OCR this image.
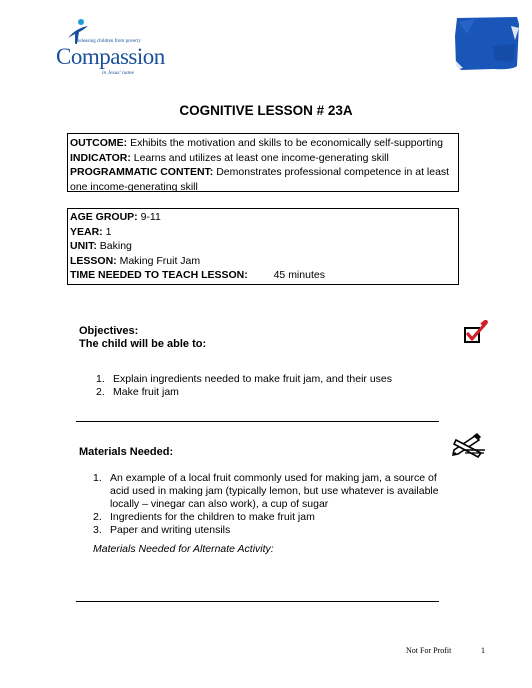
Releasing children from poverty
Compassion
in Jesus' name
COGNITIVE LESSON # 23A
OUTCOME: Exhibits the motivation and skills to be economically self-supporting
INDICATOR: Learns and utilizes at least one income-generating skill
PROGRAMMATIC CONTENT: Demonstrates professional competence in at least one income-generating skill
AGE GROUP: 9-11
YEAR: 1
UNIT: Baking
LESSON: Making Fruit Jam
TIME NEEDED TO TEACH LESSON: 45 minutes
Objectives:
The child will be able to:
1. Explain ingredients needed to make fruit jam, and their uses
2. Make fruit jam
Materials Needed:
1. An example of a local fruit commonly used for making jam, a source of acid used in making jam (typically lemon, but use whatever is available locally – vinegar can also work), a cup of sugar
2. Ingredients for the children to make fruit jam
3. Paper and writing utensils
Materials Needed for Alternate Activity:
Not For Profit	1
